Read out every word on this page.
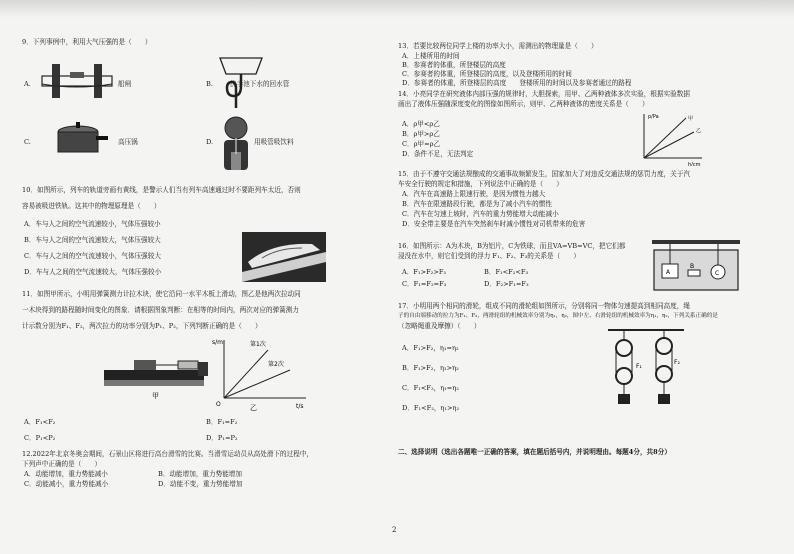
9．下列事例中，利用大气压强的是（　　）
A.	船闸	B.	洗手池下水的回水管
C.	高压锅	D.	用吸管吸饮料
10．如图所示，列车的轨道旁画有黄线，是警示人们当有列车高速通过时不要距列车太近，否则
容易被吸进铁轨。这其中的物理原理是（　　）
A．车与人之间的空气流速较小，气体压强较小
B．车与人之间的空气流速较大，气体压强较大
C．车与人之间的空气流速较小，气体压强较大
D．车与人之间的空气流速较大，气体压强较小
11．如图甲所示，小明用弹簧测力计拉木块，使它沿同一水平木板上滑动，图乙是他两次拉动同
一木块得到的路程随时间变化的图象．请根据图象判断：在相等的时间内，两次对应的弹簧测力
计示数分别为F₁、F₂，两次拉力的功率分别为P₁、P₂，下列判断正确的是（　　）
甲
s/m
t/s
O
第1次
第2次
乙
A．F₁<F₂	B．F₁=F₂
C．P₁<P₂	D．P₁=P₂
12.2022年北京冬奥会期间，石景山区将进行高台滑雪的比赛。当滑雪运动员从高处滑下的过程中，
下列声中正确的是（　　）
A．动能增加，重力势能减小	B．动能增加，重力势能增加
C．动能减小，重力势能减小	D．动能不变，重力势能增加
13．若要比较两位同学上楼的功率大小，需测出的物理量是（　　）
A．上楼所用的时间
B．参赛者的体重，所登楼层的高度
C．参赛者的体重，所登楼层的高度，以及登楼所用的时间
D．参赛者的体重，所登楼层的高度　　登楼所用的时间以及参赛者通过的路程
14．小亮同学在研究液体内部压强的规律时，大胆探索，用甲、乙两种液体多次实验，根据实验数据
画出了液体压强随深度变化的图像如图所示，则甲、乙两种液体的密度关系是（　　）
A．ρ甲<ρ乙
B．ρ甲>ρ乙
C．ρ甲=ρ乙
D．条件不足，无法判定
p/Pa
h/cm
甲
乙
15．由于不遵守交通法规酿成的交通事故频繁发生，国家加大了对违反交通法规的惩罚力度，关于汽
车安全行驶的规定和措施，下列说法中正确的是（　　）
A．汽车在高速路上限速行驶，是因为惯性力越大
B．汽车在限速路段行驶，都是为了减小汽车的惯性
C．汽车在匀速上坡时，汽车的重力势能增大动能减小
D．安全带主要是在汽车突然刹车时减小惯性对司机带来的危害
16．如图所示：A为木块，B为铝片，C为铁球，而且VA=VB=VC，把它们都
浸没在水中，则它们受到的浮力 F₁、F₂、F₃的关系是（　　）
A．F₁>F₂>F₃	B．F₁<F₂<F₃
C．F₁=F₂=F₃	D．F₂>F₁=F₃
A
B
C
17．小明用两个相同的滑轮，组成不同的滑轮组如图所示，分别将同一物体匀速提高到相同高度，绳
子的自由端移动的拉力为F₁、F₂，两滑轮组的机械效率分别为η₁，η₂，图中左、右滑轮组的机械效率为η₁，η₂，下列关系正确的是
（忽略绳重及摩擦）（　　）
A．F₁>F₂，η₁=η₂
B．F₁>F₂，η₁>η₂
C．F₁<F₂，η₁=η₂
D．F₁<F₂，η₁>η₂
F₁
F₂
二、选择说明（选出各题唯一正确的答案，填在题后括号内，并说明理由。每题4分，共8分）
2
